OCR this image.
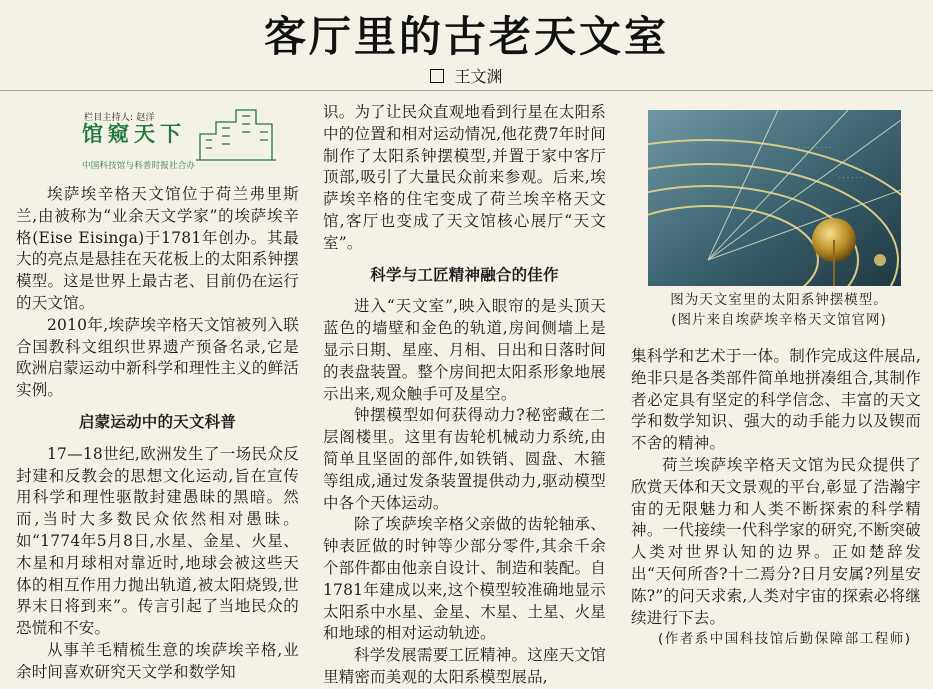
客厅里的古老天文室
王文渊
栏目主持人: 赵洋
馆窥天下
中国科技馆与科普时报社合办

埃萨埃辛格天文馆位于荷兰弗里斯兰,由被称为“业余天文学家”的埃萨埃辛格(Eise Eisinga)于1781年创办。其最大的亮点是悬挂在天花板上的太阳系钟摆模型。这是世界上最古老、目前仍在运行的天文馆。

2010年,埃萨埃辛格天文馆被列入联合国教科文组织世界遗产预备名录,它是欧洲启蒙运动中新科学和理性主义的鲜活实例。

启蒙运动中的天文科普

17—18世纪,欧洲发生了一场民众反封建和反教会的思想文化运动,旨在宣传用科学和理性驱散封建愚昧的黑暗。然而,当时大多数民众依然相对愚昧。如“1774年5月8日,水星、金星、火星、木星和月球相对靠近时,地球会被这些天体的相互作用力抛出轨道,被太阳烧毁,世界末日将到来”。传言引起了当地民众的恐慌和不安。

从事羊毛精梳生意的埃萨埃辛格,业余时间喜欢研究天文学和数学知

识。为了让民众直观地看到行星在太阳系中的位置和相对运动情况,他花费7年时间制作了太阳系钟摆模型,并置于家中客厅顶部,吸引了大量民众前来参观。后来,埃萨埃辛格的住宅变成了荷兰埃辛格天文馆,客厅也变成了天文馆核心展厅“天文室”。

科学与工匠精神融合的佳作

进入“天文室”,映入眼帘的是头顶天蓝色的墙壁和金色的轨道,房间侧墙上是显示日期、星座、月相、日出和日落时间的表盘装置。整个房间把太阳系形象地展示出来,观众触手可及星空。

钟摆模型如何获得动力?秘密藏在二层阁楼里。这里有齿轮机械动力系统,由简单且坚固的部件,如铁销、圆盘、木箍等组成,通过发条装置提供动力,驱动模型中各个天体运动。

除了埃萨埃辛格父亲做的齿轮轴承、钟表匠做的时钟等少部分零件,其余千余个部件都由他亲自设计、制造和装配。自1781年建成以来,这个模型较准确地显示太阳系中水星、金星、木星、土星、火星和地球的相对运动轨迹。

科学发展需要工匠精神。这座天文馆里精密而美观的太阳系模型展品,

· · · · · · · ·
· · · · · ·
图为天文室里的太阳系钟摆模型。
(图片来自埃萨埃辛格天文馆官网)

集科学和艺术于一体。制作完成这件展品,绝非只是各类部件简单地拼凑组合,其制作者必定具有坚定的科学信念、丰富的天文学和数学知识、强大的动手能力以及锲而不舍的精神。

荷兰埃萨埃辛格天文馆为民众提供了欣赏天体和天文景观的平台,彰显了浩瀚宇宙的无限魅力和人类不断探索的科学精神。一代接续一代科学家的研究,不断突破人类对世界认知的边界。正如楚辞发出“天何所沓?十二焉分?日月安属?列星安陈?”的问天求索,人类对宇宙的探索必将继续进行下去。

(作者系中国科技馆后勤保障部工程师)
